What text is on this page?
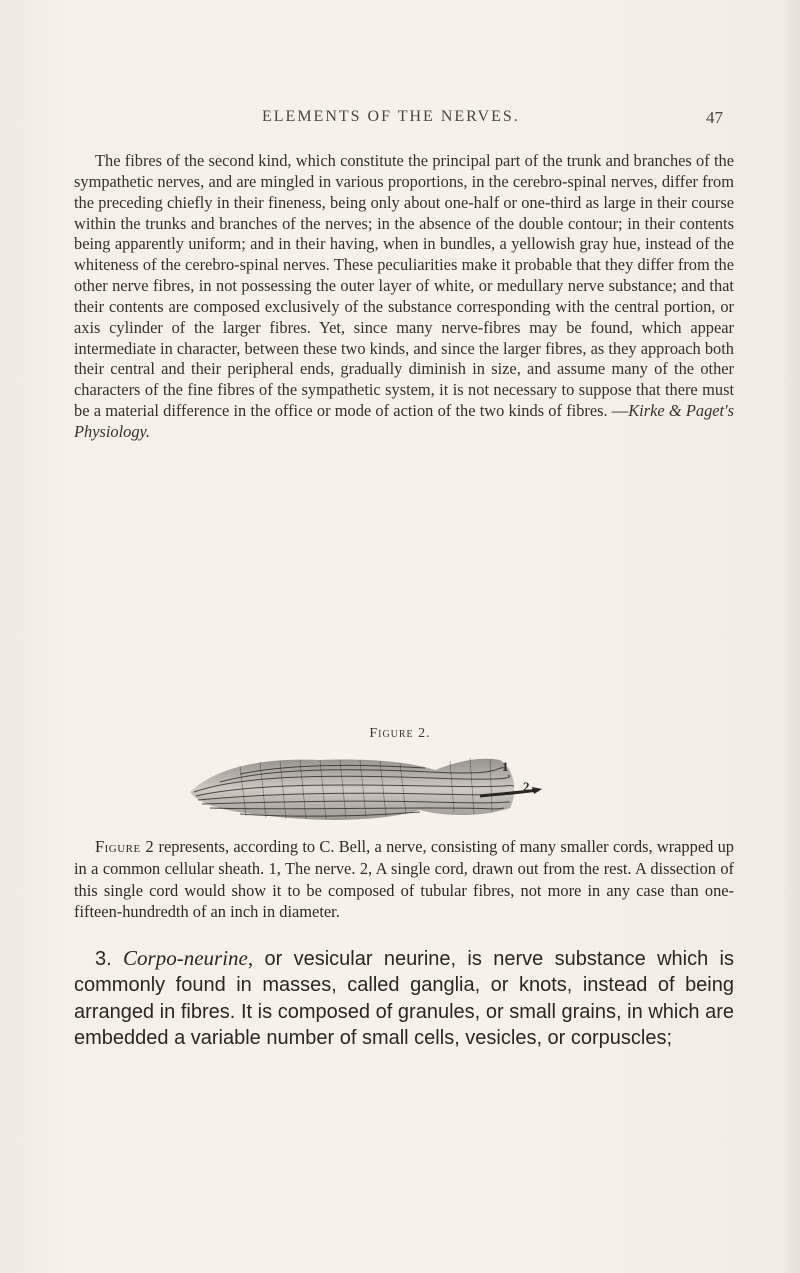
ELEMENTS OF THE NERVES.	47

The fibres of the second kind, which constitute the principal part of the trunk and branches of the sympathetic nerves, and are mingled in various proportions, in the cerebro-spinal nerves, differ from the preceding chiefly in their fineness, being only about one-half or one-third as large in their course within the trunks and branches of the nerves; in the absence of the double contour; in their contents being apparently uniform; and in their having, when in bundles, a yellowish gray hue, instead of the whiteness of the cerebro-spinal nerves. These peculiarities make it probable that they differ from the other nerve fibres, in not possessing the outer layer of white, or medullary nerve substance; and that their contents are composed exclusively of the substance corresponding with the central portion, or axis cylinder of the larger fibres. Yet, since many nerve-fibres may be found, which appear intermediate in character, between these two kinds, and since the larger fibres, as they approach both their central and their peripheral ends, gradually diminish in size, and assume many of the other characters of the fine fibres of the sympathetic system, it is not necessary to suppose that there must be a material difference in the office or mode of action of the two kinds of fibres. —Kirke & Paget's Physiology.

Figure 2.
1
2

Figure 2 represents, according to C. Bell, a nerve, consisting of many smaller cords, wrapped up in a common cellular sheath. 1, The nerve. 2, A single cord, drawn out from the rest. A dissection of this single cord would show it to be composed of tubular fibres, not more in any case than one-fifteen-hundredth of an inch in diameter.

3. Corpo-neurine, or vesicular neurine, is nerve substance which is commonly found in masses, called ganglia, or knots, instead of being arranged in fibres. It is composed of granules, or small grains, in which are embedded a variable number of small cells, vesicles, or corpuscles;
